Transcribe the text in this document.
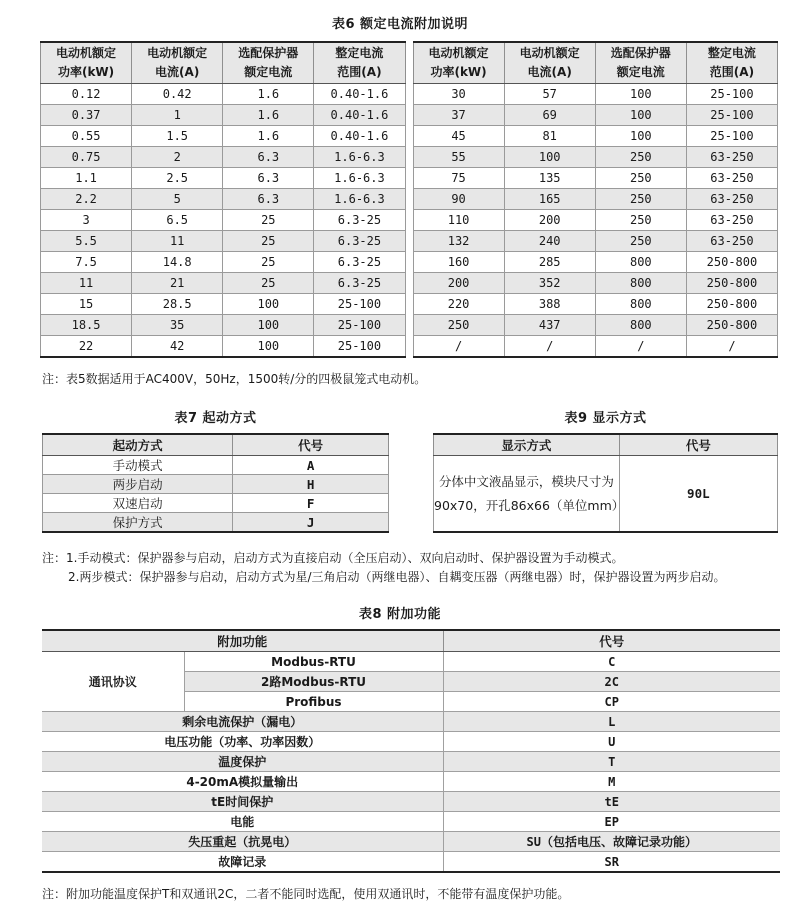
表6 额定电流附加说明
电动机额定
功率(kW)

电动机额定
电流(A)

选配保护器
额定电流

整定电流
范围(A)

0.12	0.42	1.6	0.40-1.6
0.37	1	1.6	0.40-1.6
0.55	1.5	1.6	0.40-1.6
0.75	2	6.3	1.6-6.3
1.1	2.5	6.3	1.6-6.3
2.2	5	6.3	1.6-6.3
3	6.5	25	6.3-25
5.5	11	25	6.3-25
7.5	14.8	25	6.3-25
11	21	25	6.3-25
15	28.5	100	25-100
18.5	35	100	25-100
22	42	100	25-100
电动机额定
功率(kW)

电动机额定
电流(A)

选配保护器
额定电流

整定电流
范围(A)

30	57	100	25-100
37	69	100	25-100
45	81	100	25-100
55	100	250	63-250
75	135	250	63-250
90	165	250	63-250
110	200	250	63-250
132	240	250	63-250
160	285	800	250-800
200	352	800	250-800
220	388	800	250-800
250	437	800	250-800
/	/	/	/
注：表5数据适用于AC400V，50Hz，1500转/分的四极鼠笼式电动机。
表7 起动方式
起动方式	代号
手动模式	A
两步启动	H
双速启动	F
保护方式	J
表9 显示方式
显示方式	代号

分体中文液晶显示，模块尺寸为
90x70，开孔86x66（单位mm）	90L
注：1.手动模式：保护器参与启动，启动方式为直接启动（全压启动）、双向启动时、保护器设置为手动模式。
2.两步模式：保护器参与启动，启动方式为星/三角启动（两继电器）、自耦变压器（两继电器）时，保护器设置为两步启动。
表8 附加功能
附加功能		代号
通讯协议	Modbus-RTU	C
	2路Modbus-RTU	2C
	Profibus	CP
剩余电流保护（漏电）		L
电压功能（功率、功率因数）		U
温度保护		T
4-20mA模拟量输出		M
tE时间保护		tE
电能		EP
失压重起（抗晃电）		SU（包括电压、故障记录功能）
故障记录		SR
注：附加功能温度保护T和双通讯2C，二者不能同时选配，使用双通讯时，不能带有温度保护功能。
